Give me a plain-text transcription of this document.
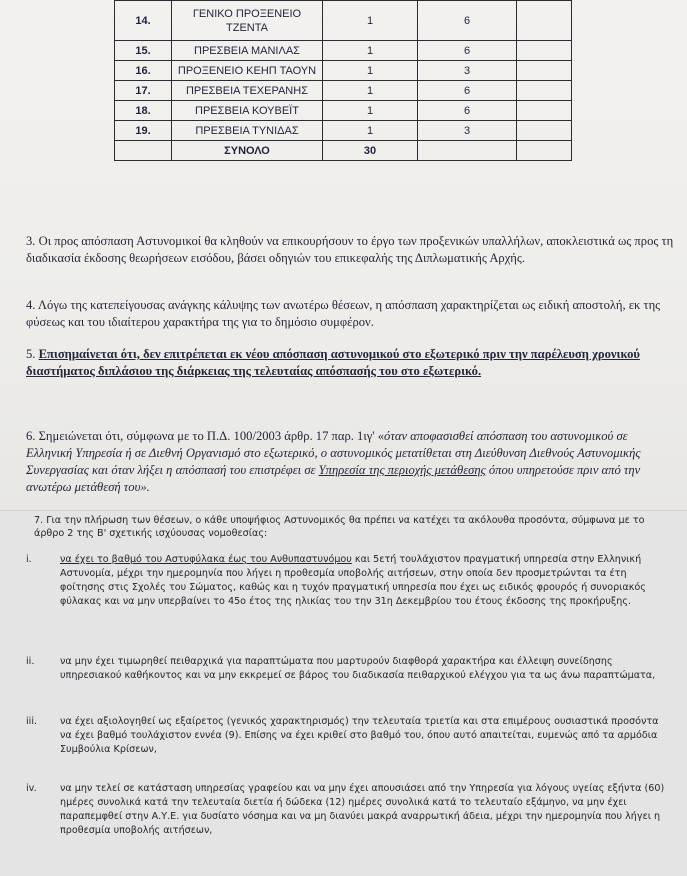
14.	ΓΕΝΙΚΟ ΠΡΟΞΕΝΕΙΟ ΤΖΕΝΤΑ	1	6	
15.	ΠΡΕΣΒΕΙΑ ΜΑΝΙΛΑΣ	1	6	
16.	ΠΡΟΞΕΝΕΙΟ ΚΕΗΠ ΤΑΟΥΝ	1	3	
17.	ΠΡΕΣΒΕΙΑ ΤΕΧΕΡΑΝΗΣ	1	6	
18.	ΠΡΕΣΒΕΙΑ ΚΟΥΒΕΪΤ	1	6	
19.	ΠΡΕΣΒΕΙΑ ΤΥΝΙΔΑΣ	1	3	
	ΣΥΝΟΛΟ	30		

3. Οι προς απόσπαση Αστυνομικοί θα κληθούν να επικουρήσουν το έργο των προξενικών υπαλλήλων, αποκλειστικά ως προς τη διαδικασία έκδοσης θεωρήσεων εισόδου, βάσει οδηγιών του επικεφαλής της Διπλωματικής Αρχής.

4. Λόγω της κατεπείγουσας ανάγκης κάλυψης των ανωτέρω θέσεων, η απόσπαση χαρακτηρίζεται ως ειδική αποστολή, εκ της φύσεως και του ιδιαίτερου χαρακτήρα της για το δημόσιο συμφέρον.

5. Επισημαίνεται ότι, δεν επιτρέπεται εκ νέου απόσπαση αστυνομικού στο εξωτερικό πριν την παρέλευση χρονικού διαστήματος διπλάσιου της διάρκειας της τελευταίας απόσπασής του στο εξωτερικό.

6. Σημειώνεται ότι, σύμφωνα με το Π.Δ. 100/2003 άρθρ. 17 παρ. 1ιγ' «όταν αποφασισθεί απόσπαση του αστυνομικού σε Ελληνική Υπηρεσία ή σε Διεθνή Οργανισμό στο εξωτερικό, ο αστυνομικός μετατίθεται στη Διεύθυνση Διεθνούς Αστυνομικής Συνεργασίας και όταν λήξει η απόσπασή του επιστρέφει σε Υπηρεσία της περιοχής μετάθεσης όπου υπηρετούσε πριν από την ανωτέρω μετάθεσή του».

7. Για την πλήρωση των θέσεων, ο κάθε υποψήφιος Αστυνομικός θα πρέπει να κατέχει τα ακόλουθα προσόντα, σύμφωνα με το άρθρο 2 της Β' σχετικής ισχύουσας νομοθεσίας:

i.	να έχει το βαθμό του Αστυφύλακα έως του Ανθυπαστυνόμου και 5ετή τουλάχιστον πραγματική υπηρεσία στην Ελληνική Αστυνομία, μέχρι την ημερομηνία που λήγει η προθεσμία υποβολής αιτήσεων, στην οποία δεν προσμετρώνται τα έτη φοίτησης στις Σχολές του Σώματος, καθώς και η τυχόν πραγματική υπηρεσία που έχει ως ειδικός φρουρός ή συνοριακός φύλακας και να μην υπερβαίνει το 45ο έτος της ηλικίας του την 31η Δεκεμβρίου του έτους έκδοσης της προκήρυξης.
ii.	να μην έχει τιμωρηθεί πειθαρχικά για παραπτώματα που μαρτυρούν διαφθορά χαρακτήρα και έλλειψη συνείδησης υπηρεσιακού καθήκοντος και να μην εκκρεμεί σε βάρος του διαδικασία πειθαρχικού ελέγχου για τα ως άνω παραπτώματα,
iii.	να έχει αξιολογηθεί ως εξαίρετος (γενικός χαρακτηρισμός) την τελευταία τριετία και στα επιμέρους ουσιαστικά προσόντα να έχει βαθμό τουλάχιστον εννέα (9). Επίσης να έχει κριθεί στο βαθμό του, όπου αυτό απαιτείται, ευμενώς από τα αρμόδια Συμβούλια Κρίσεων,
iv.	να μην τελεί σε κατάσταση υπηρεσίας γραφείου και να μην έχει απουσιάσει από την Υπηρεσία για λόγους υγείας εξήντα (60) ημέρες συνολικά κατά την τελευταία διετία ή δώδεκα (12) ημέρες συνολικά κατά το τελευταίο εξάμηνο, να μην έχει παραπεμφθεί στην Α.Υ.Ε. για δυσίατο νόσημα και να μη διανύει μακρά αναρρωτική άδεια, μέχρι την ημερομηνία που λήγει η προθεσμία υποβολής αιτήσεων,
